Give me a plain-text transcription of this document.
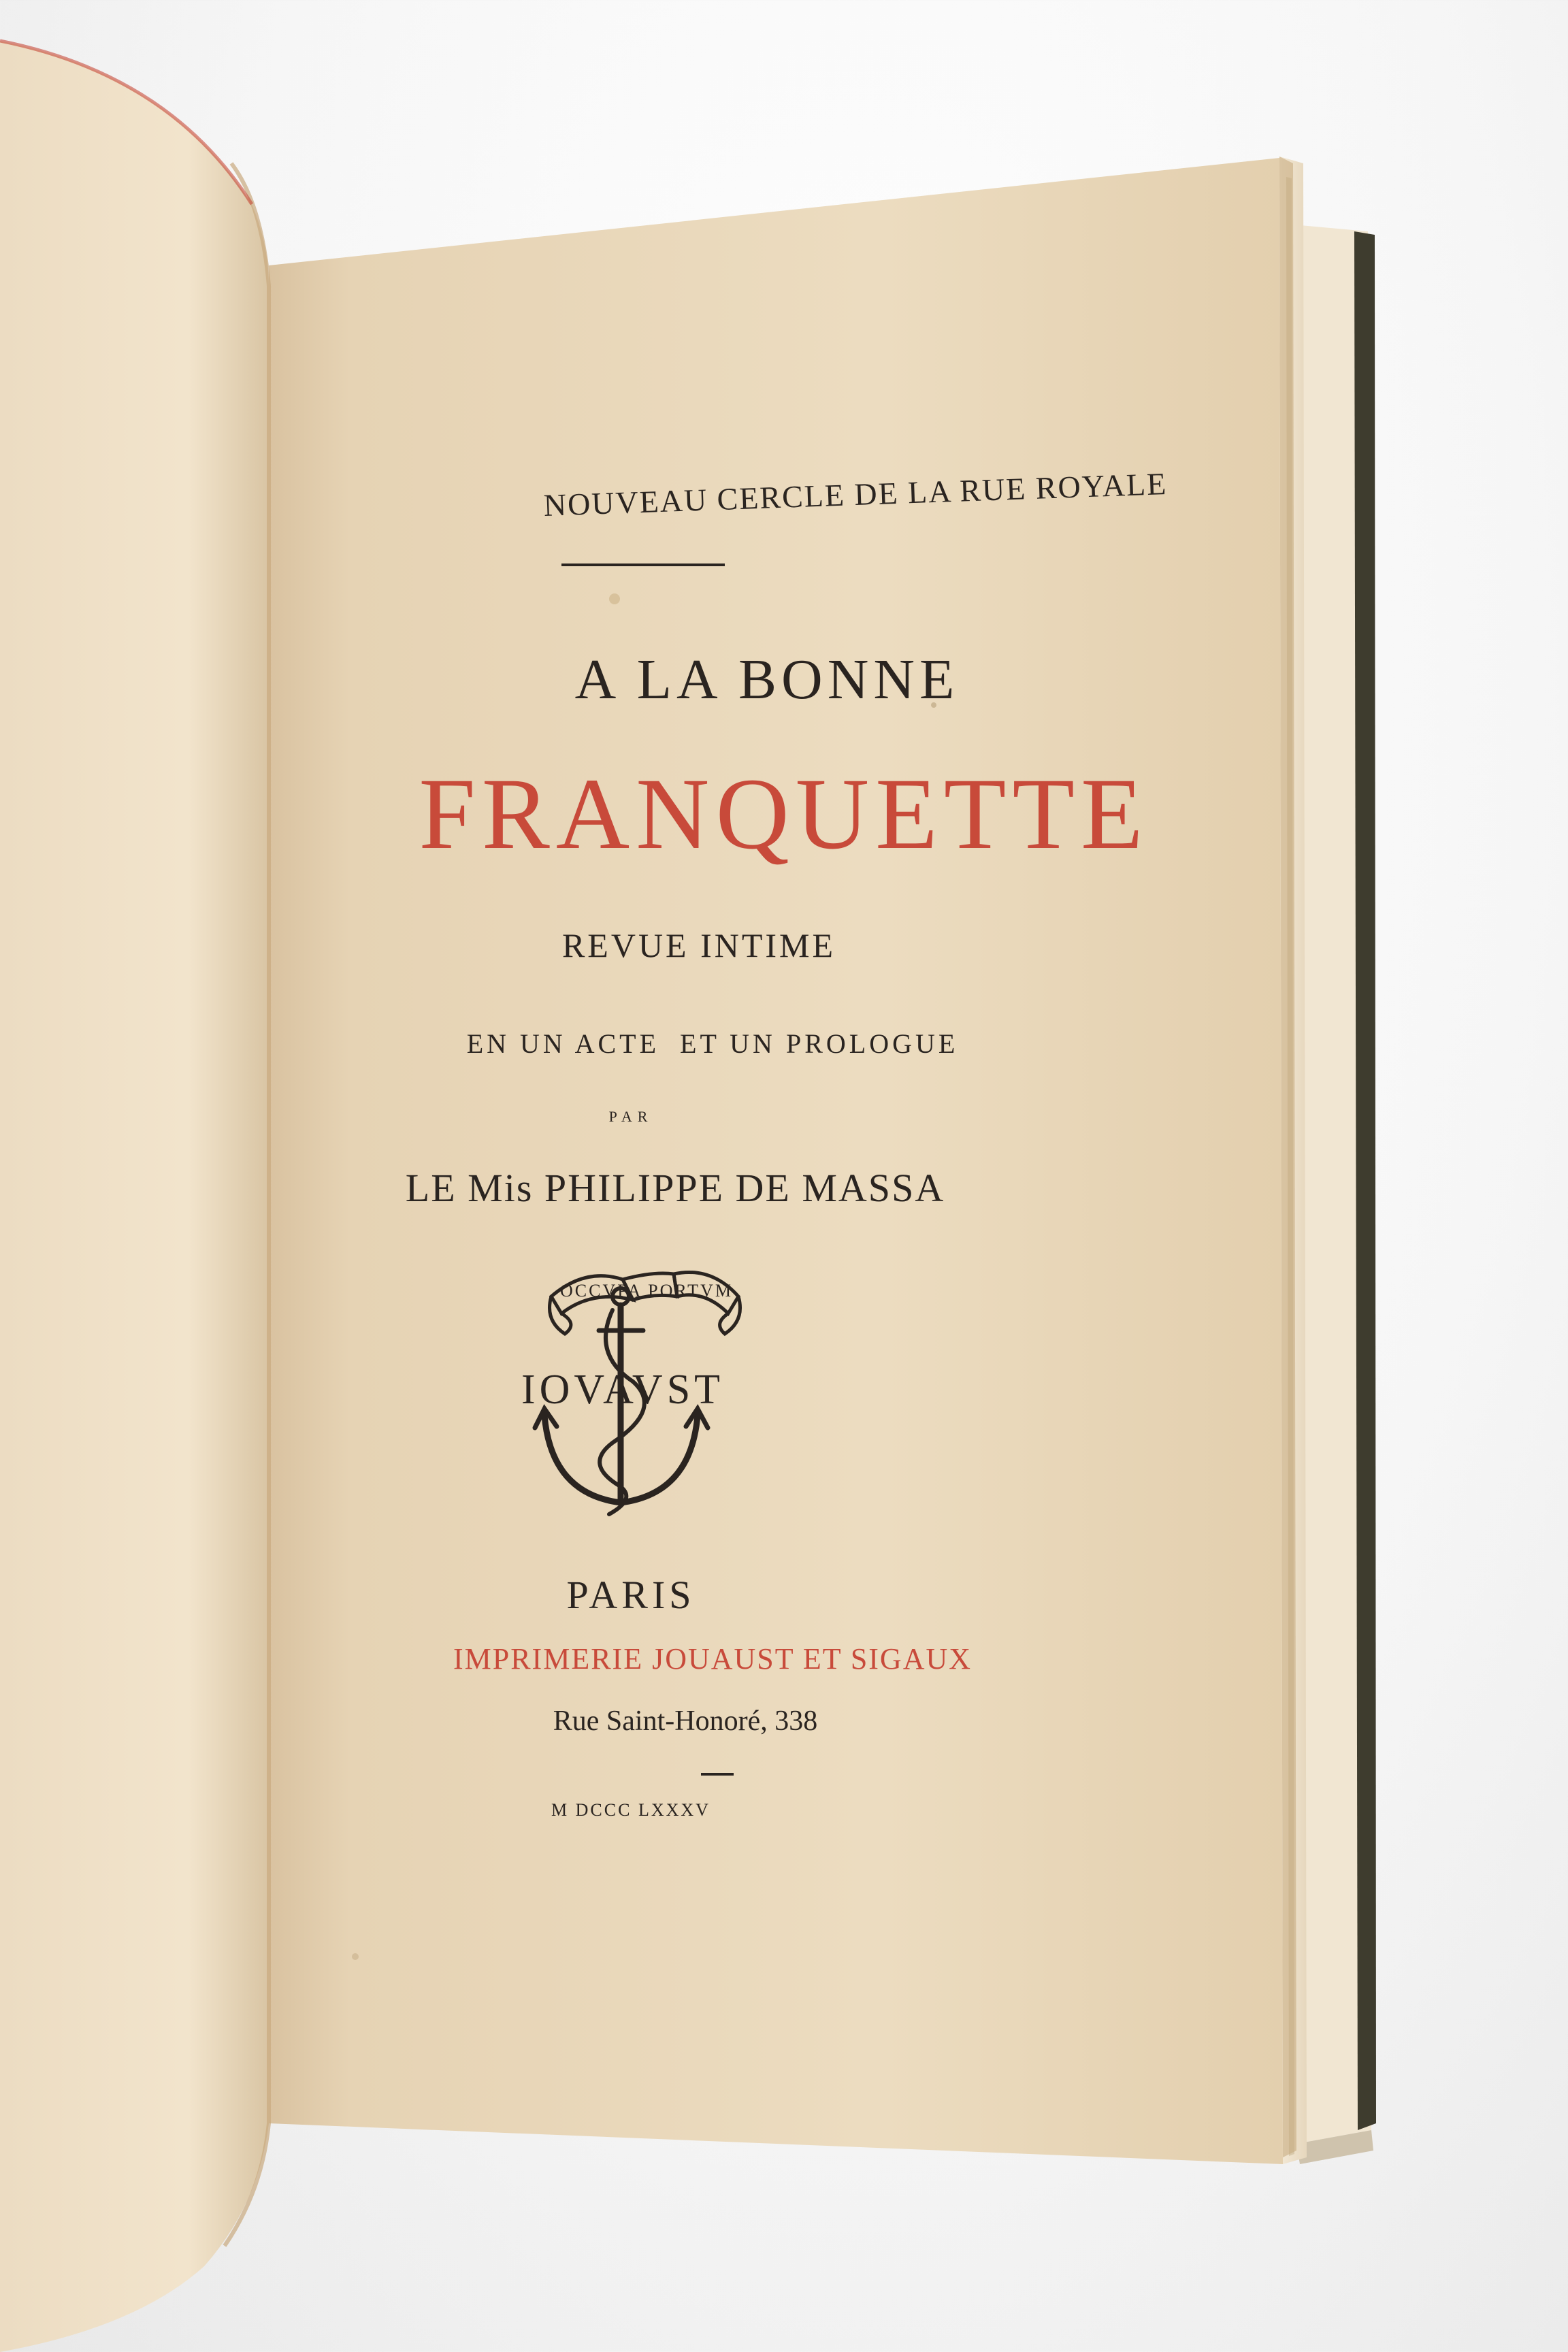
OCCVPA PORTVM
IOVAVST
NOUVEAU CERCLE DE LA RUE ROYALE
A LA BONNE
FRANQUETTE
REVUE INTIME
EN UN ACTE  ET UN PROLOGUE
PAR
LE Mis PHILIPPE DE MASSA
PARIS
IMPRIMERIE JOUAUST ET SIGAUX
Rue Saint-Honoré, 338
M DCCC LXXXV
